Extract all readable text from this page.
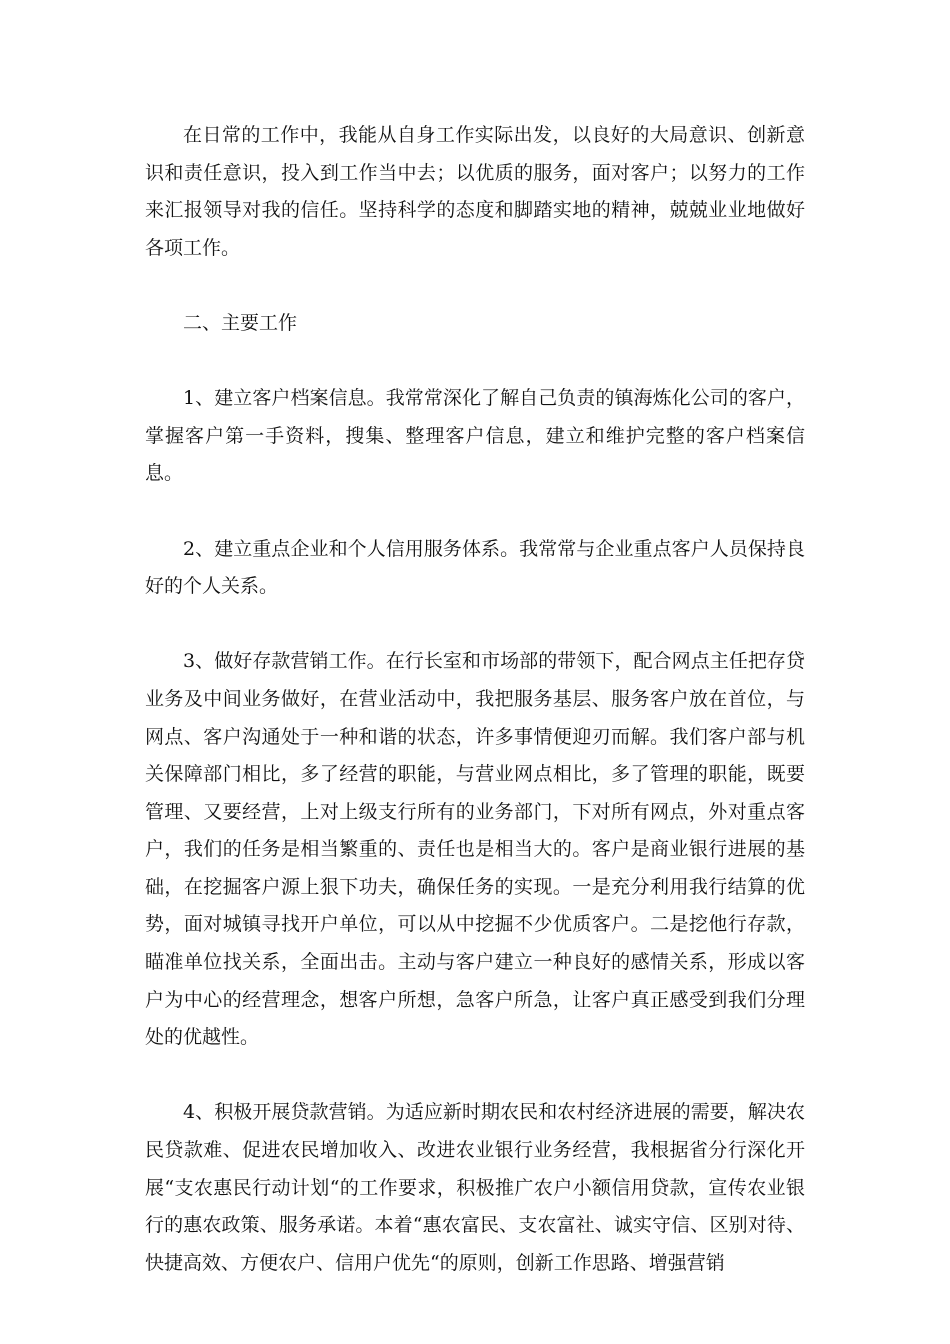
在日常的工作中，我能从自身工作实际出发，以良好的大局意识、创新意识和责任意识，投入到工作当中去；以优质的服务，面对客户；以努力的工作来汇报领导对我的信任。坚持科学的态度和脚踏实地的精神，兢兢业业地做好各项工作。

二、主要工作

1、建立客户档案信息。我常常深化了解自己负责的镇海炼化公司的客户，掌握客户第一手资料，搜集、整理客户信息，建立和维护完整的客户档案信息。

2、建立重点企业和个人信用服务体系。我常常与企业重点客户人员保持良好的个人关系。

3、做好存款营销工作。在行长室和市场部的带领下，配合网点主任把存贷业务及中间业务做好，在营业活动中，我把服务基层、服务客户放在首位，与网点、客户沟通处于一种和谐的状态，许多事情便迎刃而解。我们客户部与机关保障部门相比，多了经营的职能，与营业网点相比，多了管理的职能，既要管理、又要经营，上对上级支行所有的业务部门，下对所有网点，外对重点客户，我们的任务是相当繁重的、责任也是相当大的。客户是商业银行进展的基础，在挖掘客户源上狠下功夫，确保任务的实现。一是充分利用我行结算的优势，面对城镇寻找开户单位，可以从中挖掘不少优质客户。二是挖他行存款，瞄准单位找关系，全面出击。主动与客户建立一种良好的感情关系，形成以客户为中心的经营理念，想客户所想，急客户所急，让客户真正感受到我们分理处的优越性。

4、积极开展贷款营销。为适应新时期农民和农村经济进展的需要，解决农民贷款难、促进农民增加收入、改进农业银行业务经营，我根据省分行深化开展“支农惠民行动计划“的工作要求，积极推广农户小额信用贷款，宣传农业银行的惠农政策、服务承诺。本着“惠农富民、支农富社、诚实守信、区别对待、快捷高效、方便农户、信用户优先“的原则，创新工作思路、增强营销
